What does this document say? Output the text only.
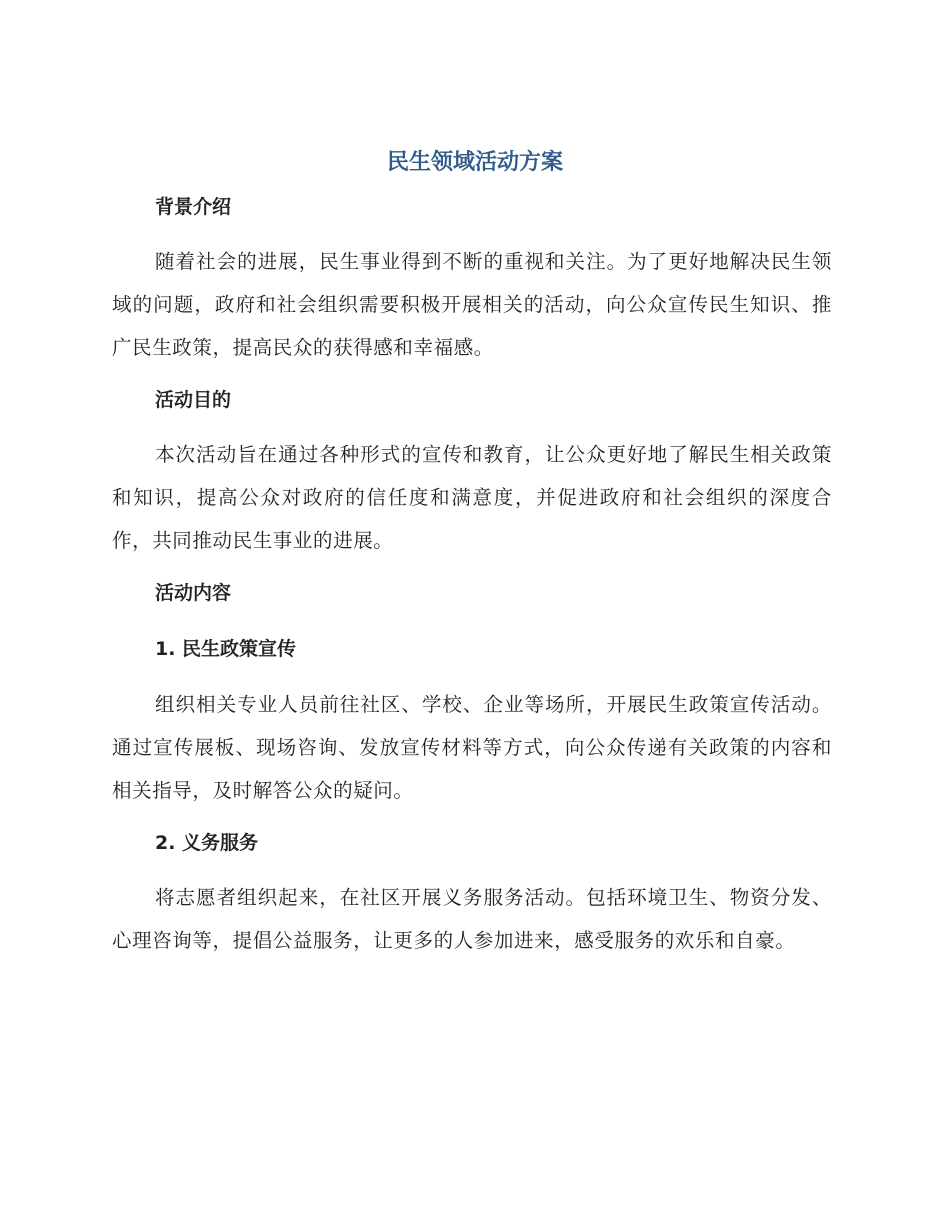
民生领域活动方案
背景介绍

随着社会的进展，民生事业得到不断的重视和关注。为了更好地解决民生领域的问题，政府和社会组织需要积极开展相关的活动，向公众宣传民生知识、推广民生政策，提高民众的获得感和幸福感。

活动目的

本次活动旨在通过各种形式的宣传和教育，让公众更好地了解民生相关政策和知识，提高公众对政府的信任度和满意度，并促进政府和社会组织的深度合作，共同推动民生事业的进展。

活动内容
1. 民生政策宣传

组织相关专业人员前往社区、学校、企业等场所，开展民生政策宣传活动。通过宣传展板、现场咨询、发放宣传材料等方式，向公众传递有关政策的内容和相关指导，及时解答公众的疑问。

2. 义务服务

将志愿者组织起来，在社区开展义务服务活动。包括环境卫生、物资分发、心理咨询等，提倡公益服务，让更多的人参加进来，感受服务的欢乐和自豪。
